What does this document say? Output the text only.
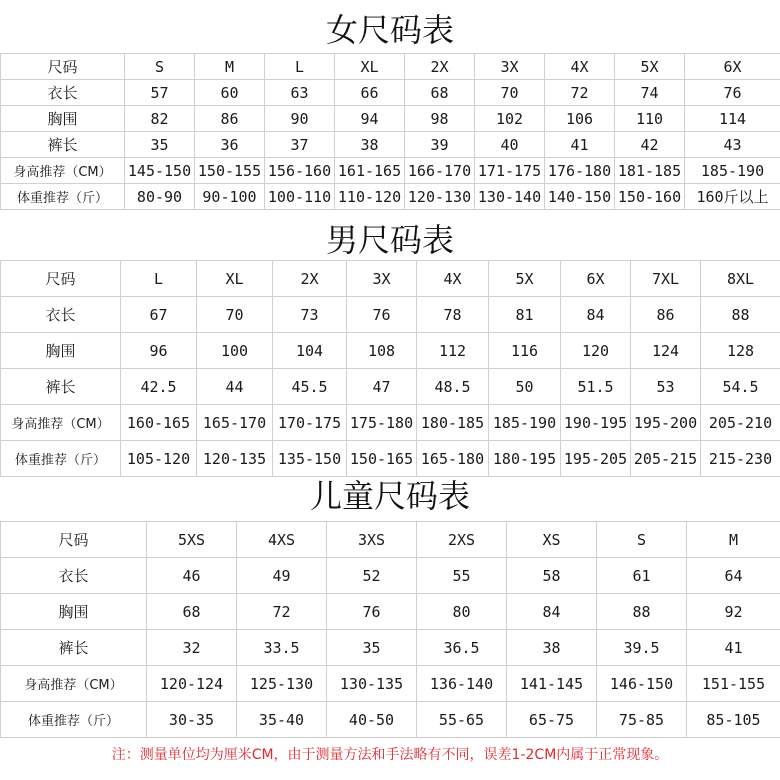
女尺码表
尺码	S	M	L	XL	2X	3X	4X	5X	6X
衣长	57	60	63	66	68	70	72	74	76
胸围	82	86	90	94	98	102	106	110	114
裤长	35	36	37	38	39	40	41	42	43
身高推荐（CM）	145-150	150-155	156-160	161-165	166-170	171-175	176-180	181-185	185-190
体重推荐（斤）	80-90	90-100	100-110	110-120	120-130	130-140	140-150	150-160	160斤以上
男尺码表
尺码	L	XL	2X	3X	4X	5X	6X	7XL	8XL
衣长	67	70	73	76	78	81	84	86	88
胸围	96	100	104	108	112	116	120	124	128
裤长	42.5	44	45.5	47	48.5	50	51.5	53	54.5
身高推荐（CM）	160-165	165-170	170-175	175-180	180-185	185-190	190-195	195-200	205-210
体重推荐（斤）	105-120	120-135	135-150	150-165	165-180	180-195	195-205	205-215	215-230
儿童尺码表
尺码	5XS	4XS	3XS	2XS	XS	S	M
衣长	46	49	52	55	58	61	64
胸围	68	72	76	80	84	88	92
裤长	32	33.5	35	36.5	38	39.5	41
身高推荐（CM）	120-124	125-130	130-135	136-140	141-145	146-150	151-155
体重推荐（斤）	30-35	35-40	40-50	55-65	65-75	75-85	85-105
注：测量单位均为厘米CM，由于测量方法和手法略有不同，误差1-2CM内属于正常现象。
